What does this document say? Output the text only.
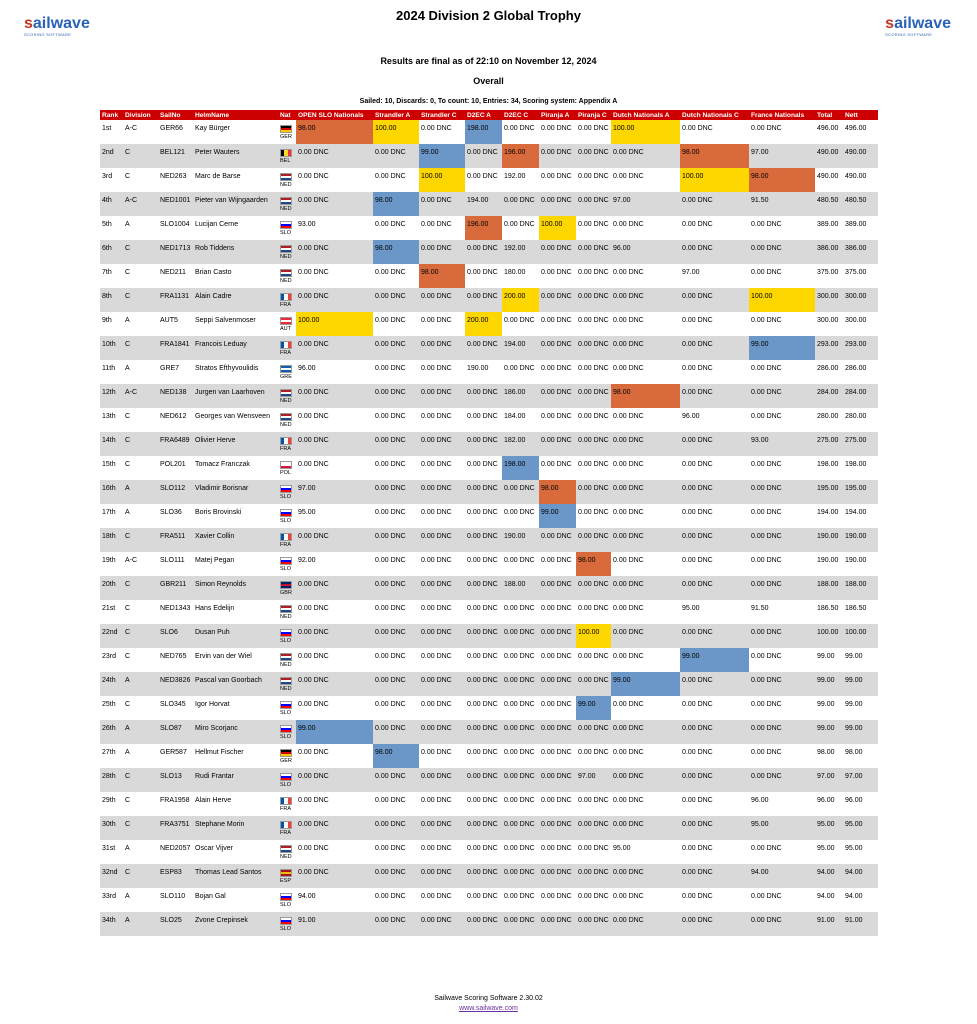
sailwave
SCORING SOFTWARE
sailwave
SCORING SOFTWARE
2024 Division 2 Global Trophy
Results are final as of 22:10 on November 12, 2024
Overall
Sailed: 10, Discards: 0, To count: 10, Entries: 34, Scoring system: Appendix A
Rank	Division	SailNo	HelmName	Nat	OPEN SLO Nationals	Strandler A	Strandler C	D2EC A	D2EC C	Piranja A	Piranja C	Dutch Nationals A	Dutch Nationals C	France Nationals	Total	Nett

1st	A-C	GER66	Kay Bürger	GER	98.00	100.00	0.00 DNC	198.00	0.00 DNC	0.00 DNC	0.00 DNC	100.00	0.00 DNC	0.00 DNC	496.00	496.00

2nd	C	BEL121	Peter Wauters	BEL	0.00 DNC	0.00 DNC	99.00	0.00 DNC	196.00	0.00 DNC	0.00 DNC	0.00 DNC	98.00	97.00	490.00	490.00

3rd	C	NED263	Marc de Barse	NED	0.00 DNC	0.00 DNC	100.00	0.00 DNC	192.00	0.00 DNC	0.00 DNC	0.00 DNC	100.00	98.00	490.00	490.00

4th	A-C	NED1001	Pieter van Wijngaarden	NED	0.00 DNC	98.00	0.00 DNC	194.00	0.00 DNC	0.00 DNC	0.00 DNC	97.00	0.00 DNC	91.50	480.50	480.50

5th	A	SLO1004	Lucijan Cerne	SLO	93.00	0.00 DNC	0.00 DNC	196.00	0.00 DNC	100.00	0.00 DNC	0.00 DNC	0.00 DNC	0.00 DNC	389.00	389.00

6th	C	NED1713	Rob Tiddens	NED	0.00 DNC	98.00	0.00 DNC	0.00 DNC	192.00	0.00 DNC	0.00 DNC	96.00	0.00 DNC	0.00 DNC	386.00	386.00

7th	C	NED211	Brian Casto	NED	0.00 DNC	0.00 DNC	98.00	0.00 DNC	180.00	0.00 DNC	0.00 DNC	0.00 DNC	97.00	0.00 DNC	375.00	375.00

8th	C	FRA1131	Alain Cadre	FRA	0.00 DNC	0.00 DNC	0.00 DNC	0.00 DNC	200.00	0.00 DNC	0.00 DNC	0.00 DNC	0.00 DNC	100.00	300.00	300.00

9th	A	AUT5	Seppi Salvenmoser	AUT	100.00	0.00 DNC	0.00 DNC	200.00	0.00 DNC	0.00 DNC	0.00 DNC	0.00 DNC	0.00 DNC	0.00 DNC	300.00	300.00

10th	C	FRA1841	Francois Leduay	FRA	0.00 DNC	0.00 DNC	0.00 DNC	0.00 DNC	194.00	0.00 DNC	0.00 DNC	0.00 DNC	0.00 DNC	99.00	293.00	293.00

11th	A	GRE7	Stratos Efthyvoulidis	GRE	96.00	0.00 DNC	0.00 DNC	190.00	0.00 DNC	0.00 DNC	0.00 DNC	0.00 DNC	0.00 DNC	0.00 DNC	286.00	286.00

12th	A-C	NED138	Jurgen van Laarhoven	NED	0.00 DNC	0.00 DNC	0.00 DNC	0.00 DNC	186.00	0.00 DNC	0.00 DNC	98.00	0.00 DNC	0.00 DNC	284.00	284.00

13th	C	NED612	Georges van Wensveen	NED	0.00 DNC	0.00 DNC	0.00 DNC	0.00 DNC	184.00	0.00 DNC	0.00 DNC	0.00 DNC	96.00	0.00 DNC	280.00	280.00

14th	C	FRA6489	Olivier Herve	FRA	0.00 DNC	0.00 DNC	0.00 DNC	0.00 DNC	182.00	0.00 DNC	0.00 DNC	0.00 DNC	0.00 DNC	93.00	275.00	275.00

15th	C	POL201	Tomacz Franczak	POL	0.00 DNC	0.00 DNC	0.00 DNC	0.00 DNC	198.00	0.00 DNC	0.00 DNC	0.00 DNC	0.00 DNC	0.00 DNC	198.00	198.00

16th	A	SLO112	Vladimir Borisnar	SLO	97.00	0.00 DNC	0.00 DNC	0.00 DNC	0.00 DNC	98.00	0.00 DNC	0.00 DNC	0.00 DNC	0.00 DNC	195.00	195.00

17th	A	SLO36	Boris Brovinski	SLO	95.00	0.00 DNC	0.00 DNC	0.00 DNC	0.00 DNC	99.00	0.00 DNC	0.00 DNC	0.00 DNC	0.00 DNC	194.00	194.00

18th	C	FRA511	Xavier Collin	FRA	0.00 DNC	0.00 DNC	0.00 DNC	0.00 DNC	190.00	0.00 DNC	0.00 DNC	0.00 DNC	0.00 DNC	0.00 DNC	190.00	190.00

19th	A-C	SLO111	Matej Pegan	SLO	92.00	0.00 DNC	0.00 DNC	0.00 DNC	0.00 DNC	0.00 DNC	98.00	0.00 DNC	0.00 DNC	0.00 DNC	190.00	190.00

20th	C	GBR211	Simon Reynolds	GBR	0.00 DNC	0.00 DNC	0.00 DNC	0.00 DNC	188.00	0.00 DNC	0.00 DNC	0.00 DNC	0.00 DNC	0.00 DNC	188.00	188.00

21st	C	NED1343	Hans Edelijn	NED	0.00 DNC	0.00 DNC	0.00 DNC	0.00 DNC	0.00 DNC	0.00 DNC	0.00 DNC	0.00 DNC	95.00	91.50	186.50	186.50

22nd	C	SLO6	Dusan Puh	SLO	0.00 DNC	0.00 DNC	0.00 DNC	0.00 DNC	0.00 DNC	0.00 DNC	100.00	0.00 DNC	0.00 DNC	0.00 DNC	100.00	100.00

23rd	C	NED765	Ervin van der Wiel	NED	0.00 DNC	0.00 DNC	0.00 DNC	0.00 DNC	0.00 DNC	0.00 DNC	0.00 DNC	0.00 DNC	99.00	0.00 DNC	99.00	99.00

24th	A	NED3826	Pascal van Goorbach	NED	0.00 DNC	0.00 DNC	0.00 DNC	0.00 DNC	0.00 DNC	0.00 DNC	0.00 DNC	99.00	0.00 DNC	0.00 DNC	99.00	99.00

25th	C	SLO345	Igor Horvat	SLO	0.00 DNC	0.00 DNC	0.00 DNC	0.00 DNC	0.00 DNC	0.00 DNC	99.00	0.00 DNC	0.00 DNC	0.00 DNC	99.00	99.00

26th	A	SLO87	Miro Scorjanc	SLO	99.00	0.00 DNC	0.00 DNC	0.00 DNC	0.00 DNC	0.00 DNC	0.00 DNC	0.00 DNC	0.00 DNC	0.00 DNC	99.00	99.00

27th	A	GER587	Hellmut Fischer	GER	0.00 DNC	98.00	0.00 DNC	0.00 DNC	0.00 DNC	0.00 DNC	0.00 DNC	0.00 DNC	0.00 DNC	0.00 DNC	98.00	98.00

28th	C	SLO13	Rudi Frantar	SLO	0.00 DNC	0.00 DNC	0.00 DNC	0.00 DNC	0.00 DNC	0.00 DNC	97.00	0.00 DNC	0.00 DNC	0.00 DNC	97.00	97.00

29th	C	FRA1958	Alain Herve	FRA	0.00 DNC	0.00 DNC	0.00 DNC	0.00 DNC	0.00 DNC	0.00 DNC	0.00 DNC	0.00 DNC	0.00 DNC	96.00	96.00	96.00

30th	C	FRA3751	Stephane Morin	FRA	0.00 DNC	0.00 DNC	0.00 DNC	0.00 DNC	0.00 DNC	0.00 DNC	0.00 DNC	0.00 DNC	0.00 DNC	95.00	95.00	95.00

31st	A	NED2057	Oscar Vijver	NED	0.00 DNC	0.00 DNC	0.00 DNC	0.00 DNC	0.00 DNC	0.00 DNC	0.00 DNC	95.00	0.00 DNC	0.00 DNC	95.00	95.00

32nd	C	ESP83	Thomas Lead Santos	ESP	0.00 DNC	0.00 DNC	0.00 DNC	0.00 DNC	0.00 DNC	0.00 DNC	0.00 DNC	0.00 DNC	0.00 DNC	94.00	94.00	94.00

33rd	A	SLO110	Bojan Gal	SLO	94.00	0.00 DNC	0.00 DNC	0.00 DNC	0.00 DNC	0.00 DNC	0.00 DNC	0.00 DNC	0.00 DNC	0.00 DNC	94.00	94.00

34th	A	SLO25	Zvone Crepinsek	SLO	91.00	0.00 DNC	0.00 DNC	0.00 DNC	0.00 DNC	0.00 DNC	0.00 DNC	0.00 DNC	0.00 DNC	0.00 DNC	91.00	91.00
Sailwave Scoring Software 2.30.02
www.sailwave.com
